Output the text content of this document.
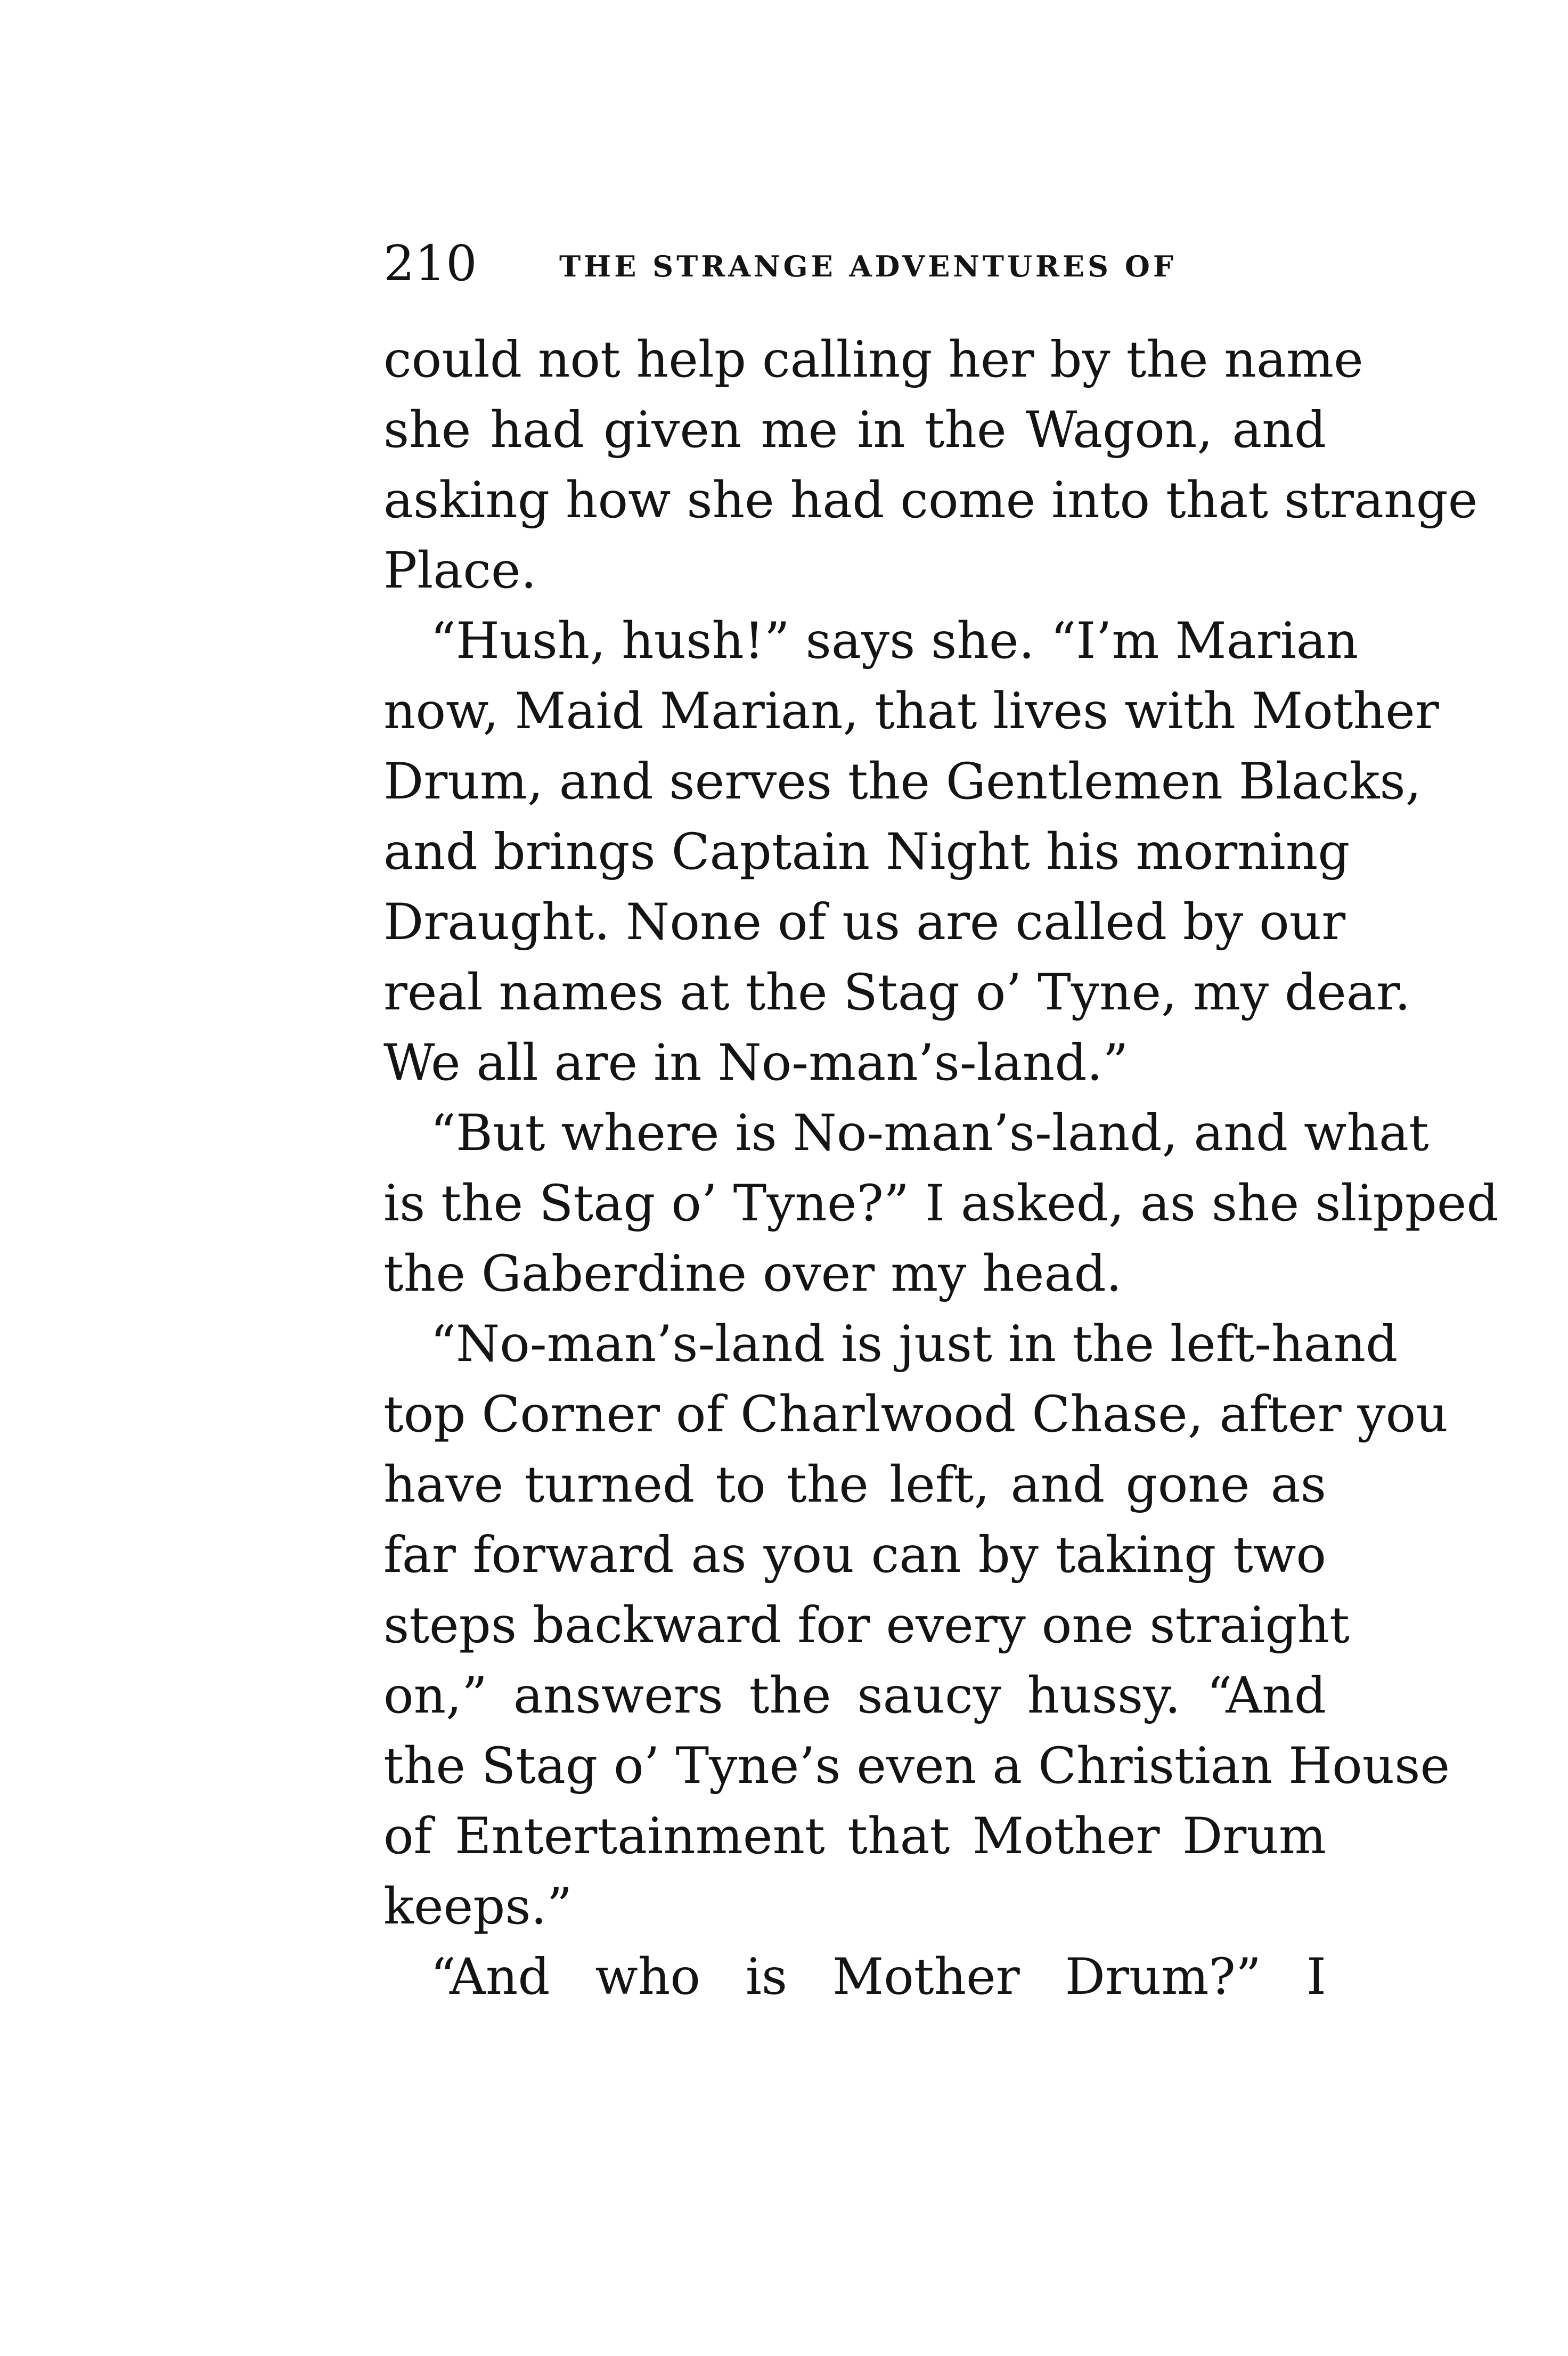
210	THE STRANGE ADVENTURES OF
could not help calling her by the name
she had given me in the Wagon, and
asking how she had come into that strange
Place.
“Hush, hush!” says she. “I’m Marian
now, Maid Marian, that lives with Mother
Drum, and serves the Gentlemen Blacks,
and brings Captain Night his morning
Draught. None of us are called by our
real names at the Stag o’ Tyne, my dear.
We all are in No-man’s-land.”
“But where is No-man’s-land, and what
is the Stag o’ Tyne?” I asked, as she slipped
the Gaberdine over my head.
“No-man’s-land is just in the left-hand
top Corner of Charlwood Chase, after you
have turned to the left, and gone as
far forward as you can by taking two
steps backward for every one straight
on,” answers the saucy hussy. “And
the Stag o’ Tyne’s even a Christian House
of Entertainment that Mother Drum
keeps.”
“And who is Mother Drum?” I
